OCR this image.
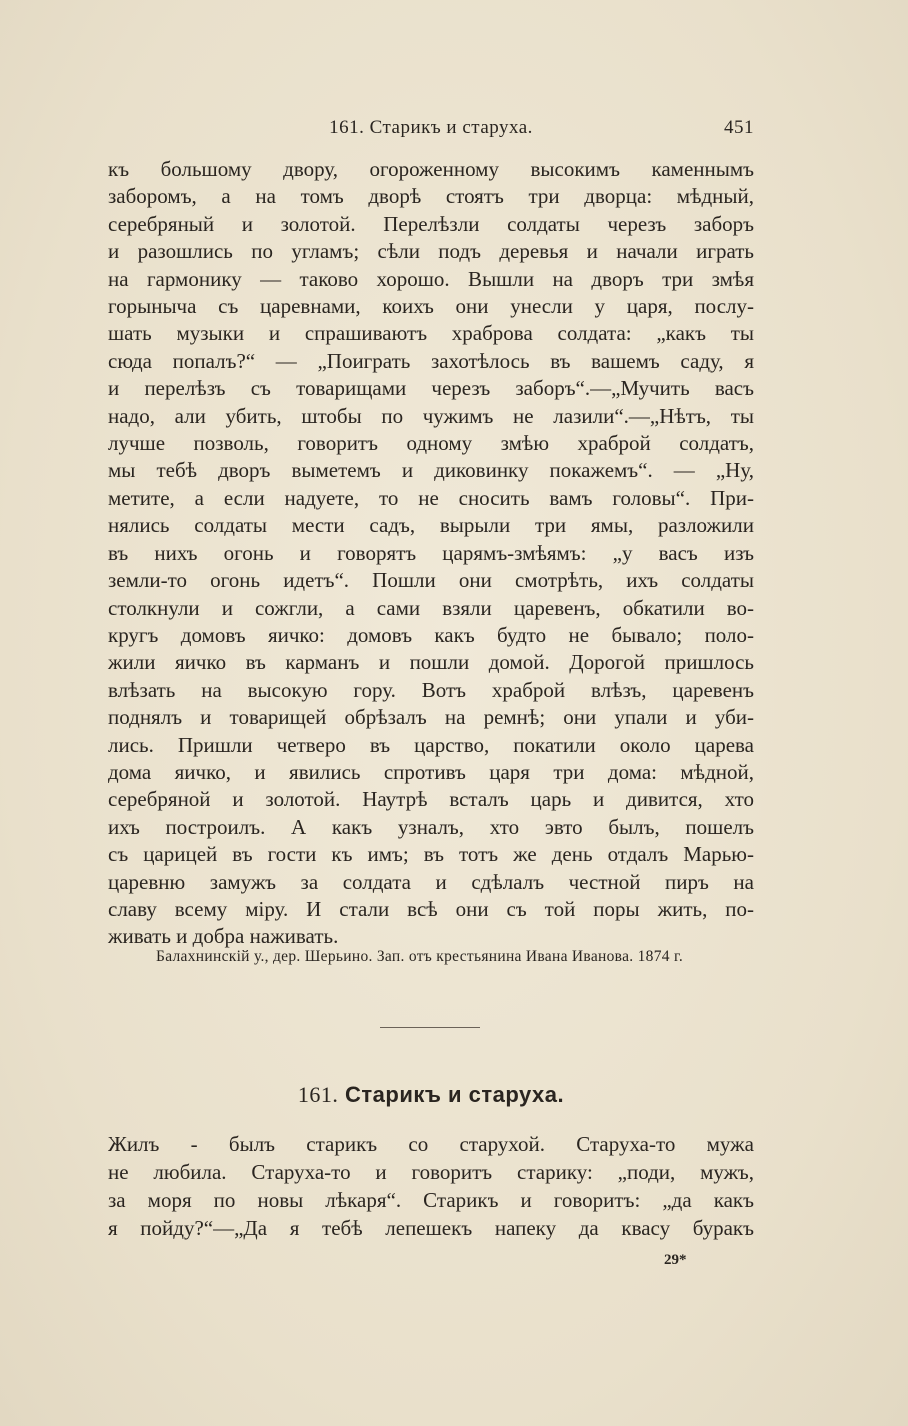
161. Старикъ и старуха.	451

къ большому двору, огороженному высокимъ каменнымъ

заборомъ, а на томъ дворѣ стоятъ три дворца: мѣдный,

серебряный и золотой. Перелѣзли солдаты черезъ заборъ

и разошлись по угламъ; сѣли подъ деревья и начали играть

на гармонику — таково хорошо. Вышли на дворъ три змѣя

горынычa съ царевнами, коихъ они унесли у царя, послу-

шать музыки и спрашиваютъ храброва солдата: „какъ ты

сюда попалъ?“ — „Поиграть захотѣлось въ вашемъ саду, я

и перелѣзъ съ товарищами черезъ заборъ“.—„Мучить васъ

надо, али убить, штобы по чужимъ не лазили“.—„Нѣтъ, ты

лучше позволь, говоритъ одному змѣю храброй солдатъ,

мы тебѣ дворъ выметемъ и диковинку покажемъ“. — „Ну,

метите, а если надуете, то не сносить вамъ головы“. При-

нялись солдаты мести садъ, вырыли три ямы, разложили

въ нихъ огонь и говорятъ царямъ-змѣямъ: „у васъ изъ

земли-то огонь идетъ“. Пошли они смотрѣть, ихъ солдаты

столкнули и сожгли, а сами взяли царевенъ, обкатили во-

кругъ домовъ яичко: домовъ какъ будто не бывало; поло-

жили яичко въ карманъ и пошли домой. Дорогой пришлось

влѣзать на высокую гору. Вотъ храброй влѣзъ, царевенъ

поднялъ и товарищей обрѣзалъ на ремнѣ; они упали и уби-

лись. Пришли четверо въ царство, покатили около царева

дома яичко, и явились спротивъ царя три дома: мѣдной,

серебряной и золотой. Наутрѣ всталъ царь и дивится, хто

ихъ построилъ. А какъ узналъ, хто эвто былъ, пошелъ

съ царицей въ гости къ имъ; въ тотъ же день отдалъ Марью-

царевню замужъ за солдата и сдѣлалъ честной пиръ на

славу всему міру. И стали всѣ они съ той поры жить, по-

живать и добра наживать.

Балахнинскій у., дер. Шерьино. Зап. отъ крестьянина Ивана Иванова. 1874 г.
161. Старикъ и старуха.

Жилъ - былъ старикъ со старухой. Старуха-то мужа

не любила. Старуха-то и говоритъ старику: „поди, мужъ,

за моря по новы лѣкаря“. Старикъ и говоритъ: „да какъ

я пойду?“—„Да я тебѣ лепешекъ напеку да квасу буракъ

29*
